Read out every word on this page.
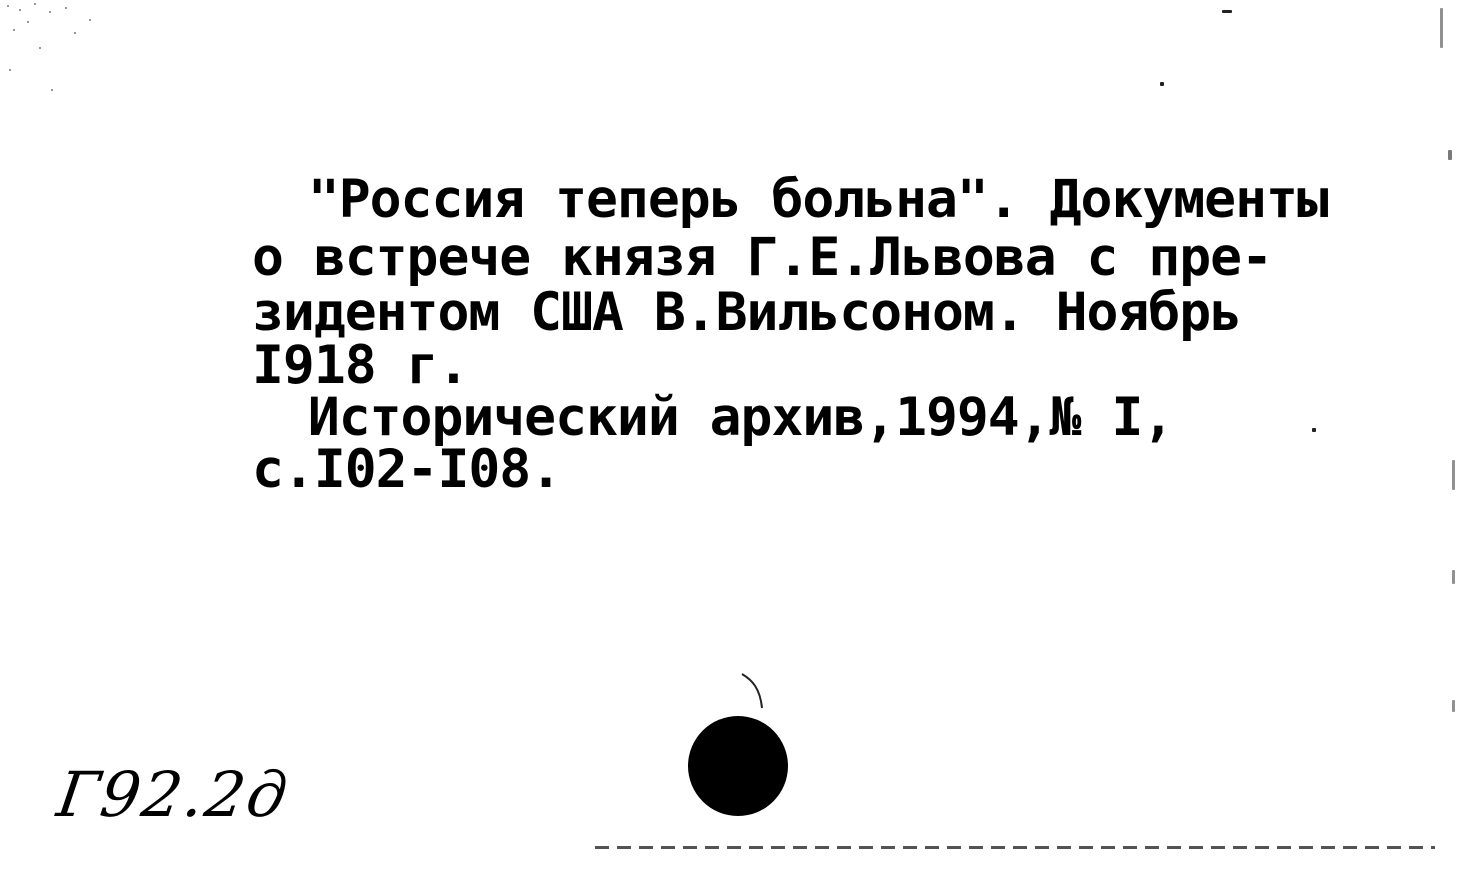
"Россия теперь больна". Документы

о встрече князя Г.Е.Львова с пре-

зидентом США В.Вильсоном. Ноябрь

I918 г.

Исторический архив,1994,№ I,

с.I02-I08.

Г92.2д
